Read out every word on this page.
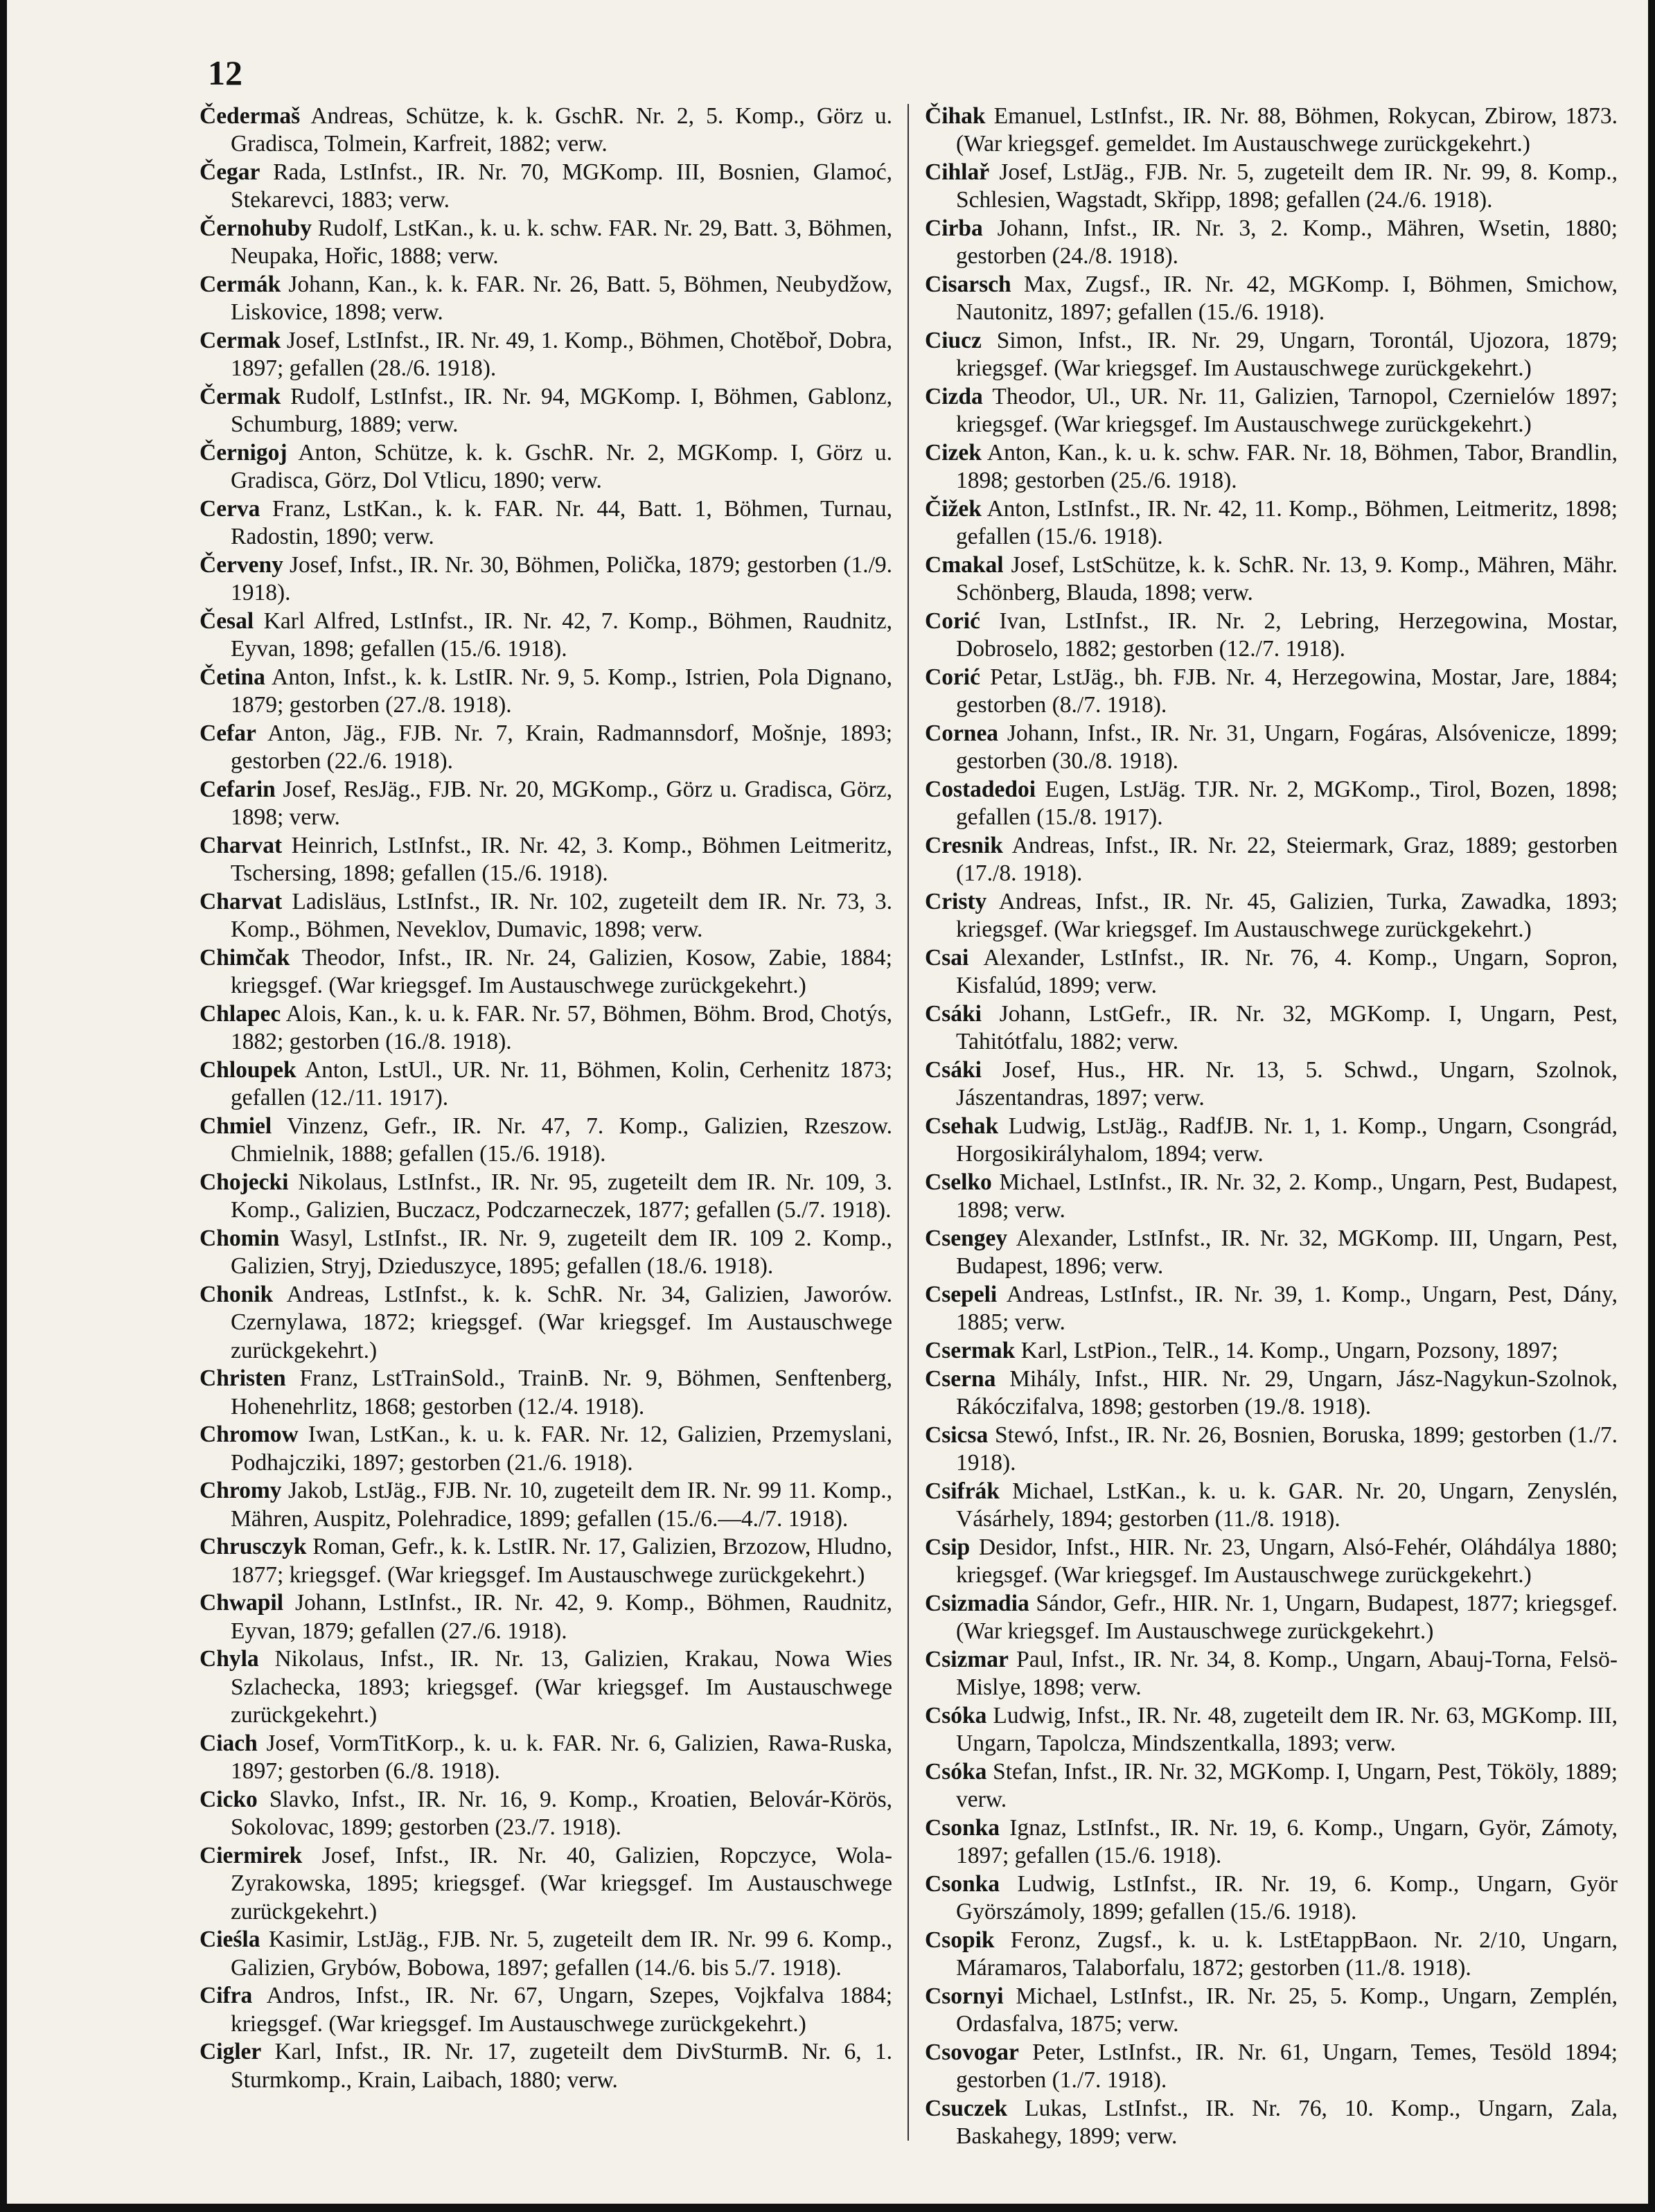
12

Čedermaš Andreas, Schütze, k. k. GschR. Nr. 2, 5. Komp., Görz u. Gradisca, Tolmein, Karfreit, 1882; verw.

Čegar Rada, LstInfst., IR. Nr. 70, MGKomp. III, Bosnien, Glamoć, Stekarevci, 1883; verw.

Černohuby Rudolf, LstKan., k. u. k. schw. FAR. Nr. 29, Batt. 3, Böhmen, Neupaka, Hořic, 1888; verw.

Cermák Johann, Kan., k. k. FAR. Nr. 26, Batt. 5, Böhmen, Neubydžow, Liskovice, 1898; verw.

Cermak Josef, LstInfst., IR. Nr. 49, 1. Komp., Böhmen, Chotěboř, Dobra, 1897; gefallen (28./6. 1918).

Čermak Rudolf, LstInfst., IR. Nr. 94, MGKomp. I, Böhmen, Gablonz, Schumburg, 1889; verw.

Černigoj Anton, Schütze, k. k. GschR. Nr. 2, MGKomp. I, Görz u. Gradisca, Görz, Dol Vtlicu, 1890; verw.

Cerva Franz, LstKan., k. k. FAR. Nr. 44, Batt. 1, Böhmen, Turnau, Radostin, 1890; verw.

Červeny Josef, Infst., IR. Nr. 30, Böhmen, Polička, 1879; gestorben (1./9. 1918).

Česal Karl Alfred, LstInfst., IR. Nr. 42, 7. Komp., Böhmen, Raudnitz, Eyvan, 1898; gefallen (15./6. 1918).

Četina Anton, Infst., k. k. LstIR. Nr. 9, 5. Komp., Istrien, Pola Dignano, 1879; gestorben (27./8. 1918).

Cefar Anton, Jäg., FJB. Nr. 7, Krain, Radmannsdorf, Mošnje, 1893; gestorben (22./6. 1918).

Cefarin Josef, ResJäg., FJB. Nr. 20, MGKomp., Görz u. Gradisca, Görz, 1898; verw.

Charvat Heinrich, LstInfst., IR. Nr. 42, 3. Komp., Böhmen Leitmeritz, Tschersing, 1898; gefallen (15./6. 1918).

Charvat Ladisläus, LstInfst., IR. Nr. 102, zugeteilt dem IR. Nr. 73, 3. Komp., Böhmen, Neveklov, Dumavic, 1898; verw.

Chimčak Theodor, Infst., IR. Nr. 24, Galizien, Kosow, Zabie, 1884; kriegsgef. (War kriegsgef. Im Austauschwege zurückgekehrt.)

Chlapec Alois, Kan., k. u. k. FAR. Nr. 57, Böhmen, Böhm. Brod, Chotýs, 1882; gestorben (16./8. 1918).

Chloupek Anton, LstUl., UR. Nr. 11, Böhmen, Kolin, Cerhenitz 1873; gefallen (12./11. 1917).

Chmiel Vinzenz, Gefr., IR. Nr. 47, 7. Komp., Galizien, Rzeszow. Chmielnik, 1888; gefallen (15./6. 1918).

Chojecki Nikolaus, LstInfst., IR. Nr. 95, zugeteilt dem IR. Nr. 109, 3. Komp., Galizien, Buczacz, Podczarneczek, 1877; gefallen (5./7. 1918).

Chomin Wasyl, LstInfst., IR. Nr. 9, zugeteilt dem IR. 109 2. Komp., Galizien, Stryj, Dzieduszyce, 1895; gefallen (18./6. 1918).

Chonik Andreas, LstInfst., k. k. SchR. Nr. 34, Galizien, Jaworów. Czernylawa, 1872; kriegsgef. (War kriegsgef. Im Austauschwege zurückgekehrt.)

Christen Franz, LstTrainSold., TrainB. Nr. 9, Böhmen, Senftenberg, Hohenehrlitz, 1868; gestorben (12./4. 1918).

Chromow Iwan, LstKan., k. u. k. FAR. Nr. 12, Galizien, Przemyslani, Podhajcziki, 1897; gestorben (21./6. 1918).

Chromy Jakob, LstJäg., FJB. Nr. 10, zugeteilt dem IR. Nr. 99 11. Komp., Mähren, Auspitz, Polehradice, 1899; gefallen (15./6.—4./7. 1918).

Chrusczyk Roman, Gefr., k. k. LstIR. Nr. 17, Galizien, Brzozow, Hludno, 1877; kriegsgef. (War kriegsgef. Im Austauschwege zurückgekehrt.)

Chwapil Johann, LstInfst., IR. Nr. 42, 9. Komp., Böhmen, Raudnitz, Eyvan, 1879; gefallen (27./6. 1918).

Chyla Nikolaus, Infst., IR. Nr. 13, Galizien, Krakau, Nowa Wies Szlachecka, 1893; kriegsgef. (War kriegsgef. Im Austauschwege zurückgekehrt.)

Ciach Josef, VormTitKorp., k. u. k. FAR. Nr. 6, Galizien, Rawa-Ruska, 1897; gestorben (6./8. 1918).

Cicko Slavko, Infst., IR. Nr. 16, 9. Komp., Kroatien, Belovár-Körös, Sokolovac, 1899; gestorben (23./7. 1918).

Ciermirek Josef, Infst., IR. Nr. 40, Galizien, Ropczyce, Wola-Zyrakowska, 1895; kriegsgef. (War kriegsgef. Im Austauschwege zurückgekehrt.)

Cieśla Kasimir, LstJäg., FJB. Nr. 5, zugeteilt dem IR. Nr. 99 6. Komp., Galizien, Grybów, Bobowa, 1897; gefallen (14./6. bis 5./7. 1918).

Cifra Andros, Infst., IR. Nr. 67, Ungarn, Szepes, Vojkfalva 1884; kriegsgef. (War kriegsgef. Im Austauschwege zurückgekehrt.)

Cigler Karl, Infst., IR. Nr. 17, zugeteilt dem DivSturmB. Nr. 6, 1. Sturmkomp., Krain, Laibach, 1880; verw.

Čihak Emanuel, LstInfst., IR. Nr. 88, Böhmen, Rokycan, Zbirow, 1873. (War kriegsgef. gemeldet. Im Austauschwege zurückgekehrt.)

Cihlař Josef, LstJäg., FJB. Nr. 5, zugeteilt dem IR. Nr. 99, 8. Komp., Schlesien, Wagstadt, Skřipp, 1898; gefallen (24./6. 1918).

Cirba Johann, Infst., IR. Nr. 3, 2. Komp., Mähren, Wsetin, 1880; gestorben (24./8. 1918).

Cisarsch Max, Zugsf., IR. Nr. 42, MGKomp. I, Böhmen, Smichow, Nautonitz, 1897; gefallen (15./6. 1918).

Ciucz Simon, Infst., IR. Nr. 29, Ungarn, Torontál, Ujozora, 1879; kriegsgef. (War kriegsgef. Im Austauschwege zurückgekehrt.)

Cizda Theodor, Ul., UR. Nr. 11, Galizien, Tarnopol, Czernielów 1897; kriegsgef. (War kriegsgef. Im Austauschwege zurückgekehrt.)

Cizek Anton, Kan., k. u. k. schw. FAR. Nr. 18, Böhmen, Tabor, Brandlin, 1898; gestorben (25./6. 1918).

Čižek Anton, LstInfst., IR. Nr. 42, 11. Komp., Böhmen, Leitmeritz, 1898; gefallen (15./6. 1918).

Cmakal Josef, LstSchütze, k. k. SchR. Nr. 13, 9. Komp., Mähren, Mähr. Schönberg, Blauda, 1898; verw.

Corić Ivan, LstInfst., IR. Nr. 2, Lebring, Herzegowina, Mostar, Dobroselo, 1882; gestorben (12./7. 1918).

Corić Petar, LstJäg., bh. FJB. Nr. 4, Herzegowina, Mostar, Jare, 1884; gestorben (8./7. 1918).

Cornea Johann, Infst., IR. Nr. 31, Ungarn, Fogáras, Alsóvenicze, 1899; gestorben (30./8. 1918).

Costadedoi Eugen, LstJäg. TJR. Nr. 2, MGKomp., Tirol, Bozen, 1898; gefallen (15./8. 1917).

Cresnik Andreas, Infst., IR. Nr. 22, Steiermark, Graz, 1889; gestorben (17./8. 1918).

Cristy Andreas, Infst., IR. Nr. 45, Galizien, Turka, Zawadka, 1893; kriegsgef. (War kriegsgef. Im Austauschwege zurückgekehrt.)

Csai Alexander, LstInfst., IR. Nr. 76, 4. Komp., Ungarn, Sopron, Kisfalúd, 1899; verw.

Csáki Johann, LstGefr., IR. Nr. 32, MGKomp. I, Ungarn, Pest, Tahitótfalu, 1882; verw.

Csáki Josef, Hus., HR. Nr. 13, 5. Schwd., Ungarn, Szolnok, Jászentandras, 1897; verw.

Csehak Ludwig, LstJäg., RadfJB. Nr. 1, 1. Komp., Ungarn, Csongrád, Horgosikirályhalom, 1894; verw.

Cselko Michael, LstInfst., IR. Nr. 32, 2. Komp., Ungarn, Pest, Budapest, 1898; verw.

Csengey Alexander, LstInfst., IR. Nr. 32, MGKomp. III, Ungarn, Pest, Budapest, 1896; verw.

Csepeli Andreas, LstInfst., IR. Nr. 39, 1. Komp., Ungarn, Pest, Dány, 1885; verw.

Csermak Karl, LstPion., TelR., 14. Komp., Ungarn, Pozsony, 1897;

Cserna Mihály, Infst., HIR. Nr. 29, Ungarn, Jász-Nagykun-Szolnok, Rákóczifalva, 1898; gestorben (19./8. 1918).

Csicsa Stewó, Infst., IR. Nr. 26, Bosnien, Boruska, 1899; gestorben (1./7. 1918).

Csifrák Michael, LstKan., k. u. k. GAR. Nr. 20, Ungarn, Zenyslén, Vásárhely, 1894; gestorben (11./8. 1918).

Csip Desidor, Infst., HIR. Nr. 23, Ungarn, Alsó-Fehér, Oláhdálya 1880; kriegsgef. (War kriegsgef. Im Austauschwege zurückgekehrt.)

Csizmadia Sándor, Gefr., HIR. Nr. 1, Ungarn, Budapest, 1877; kriegsgef. (War kriegsgef. Im Austauschwege zurückgekehrt.)

Csizmar Paul, Infst., IR. Nr. 34, 8. Komp., Ungarn, Abauj-Torna, Felsö-Mislye, 1898; verw.

Csóka Ludwig, Infst., IR. Nr. 48, zugeteilt dem IR. Nr. 63, MGKomp. III, Ungarn, Tapolcza, Mindszentkalla, 1893; verw.

Csóka Stefan, Infst., IR. Nr. 32, MGKomp. I, Ungarn, Pest, Tököly, 1889; verw.

Csonka Ignaz, LstInfst., IR. Nr. 19, 6. Komp., Ungarn, Györ, Zámoty, 1897; gefallen (15./6. 1918).

Csonka Ludwig, LstInfst., IR. Nr. 19, 6. Komp., Ungarn, Györ Györszámoly, 1899; gefallen (15./6. 1918).

Csopik Feronz, Zugsf., k. u. k. LstEtappBaon. Nr. 2/10, Ungarn, Máramaros, Talaborfalu, 1872; gestorben (11./8. 1918).

Csornyi Michael, LstInfst., IR. Nr. 25, 5. Komp., Ungarn, Zemplén, Ordasfalva, 1875; verw.

Csovogar Peter, LstInfst., IR. Nr. 61, Ungarn, Temes, Tesöld 1894; gestorben (1./7. 1918).

Csuczek Lukas, LstInfst., IR. Nr. 76, 10. Komp., Ungarn, Zala, Baskahegy, 1899; verw.
